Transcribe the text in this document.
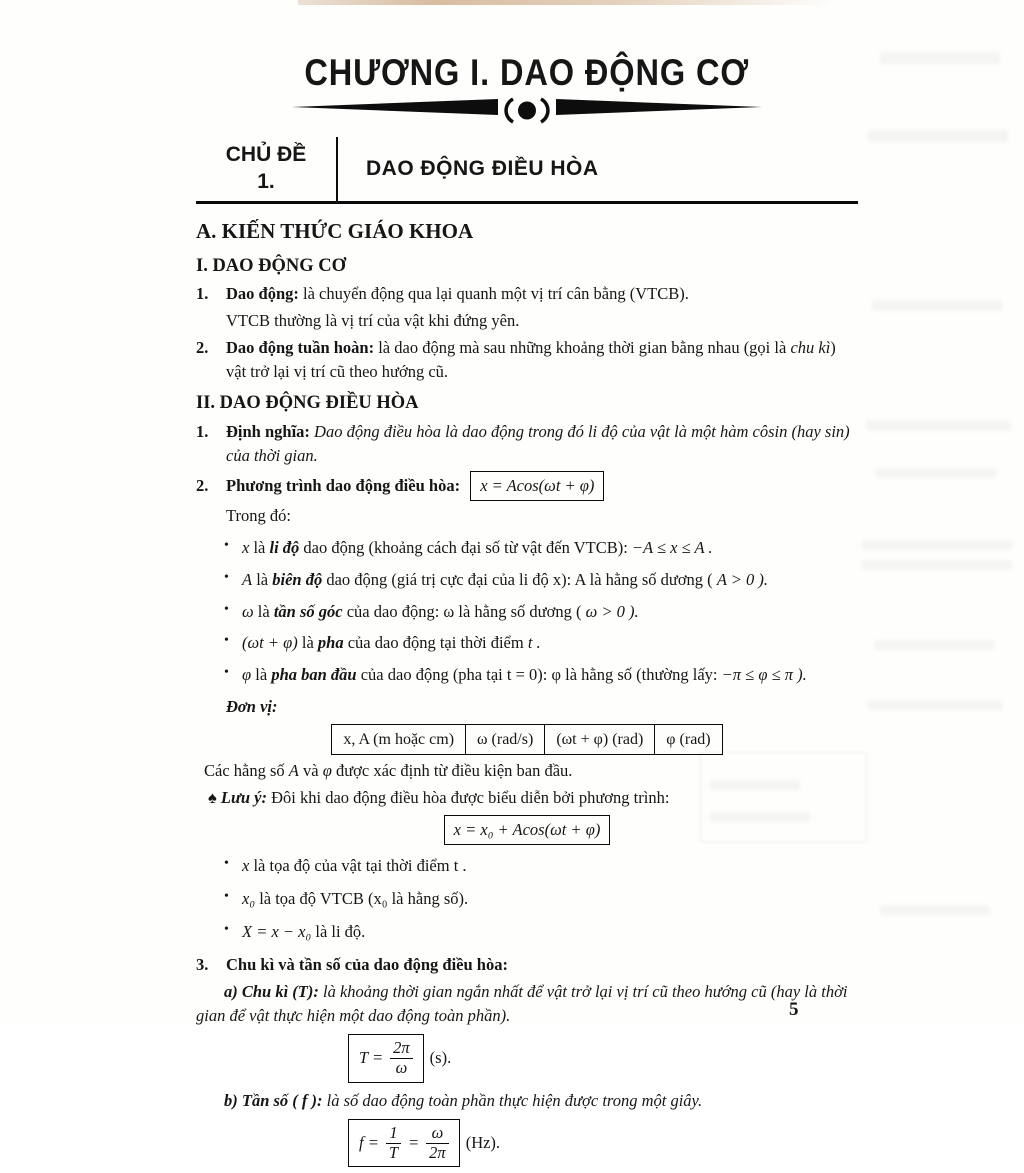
CHƯƠNG I. DAO ĐỘNG CƠ
CHỦ ĐỀ
1.
DAO ĐỘNG ĐIỀU HÒA
A. KIẾN THỨC GIÁO KHOA
I. DAO ĐỘNG CƠ

1. Dao động: là chuyển động qua lại quanh một vị trí cân bằng (VTCB).

VTCB thường là vị trí của vật khi đứng yên.

2. Dao động tuần hoàn: là dao động mà sau những khoảng thời gian bằng nhau (gọi là chu kì) vật trở lại vị trí cũ theo hướng cũ.

II. DAO ĐỘNG ĐIỀU HÒA

1. Định nghĩa: Dao động điều hòa là dao động trong đó li độ của vật là một hàm côsin (hay sin) của thời gian.

2. Phương trình dao động điều hòa: x = Acos(ωt + φ)

Trong đó:

• x là li độ dao động (khoảng cách đại số từ vật đến VTCB): −A ≤ x ≤ A .
• A là biên độ dao động (giá trị cực đại của li độ x): A là hằng số dương ( A > 0 ).
• ω là tần số góc của dao động: ω là hằng số dương ( ω > 0 ).
• (ωt + φ) là pha của dao động tại thời điểm t .
• φ là pha ban đầu của dao động (pha tại t = 0): φ là hằng số (thường lấy: −π ≤ φ ≤ π ).

Đơn vị:

x, A (m hoặc cm)	ω (rad/s)	(ωt + φ) (rad)	φ (rad)

Các hằng số A và φ được xác định từ điều kiện ban đầu.

♠ Lưu ý: Đôi khi dao động điều hòa được biểu diễn bởi phương trình:

x = x₀ + Acos(ωt + φ)
• x là tọa độ của vật tại thời điểm t .
• x₀ là tọa độ VTCB (x₀ là hằng số).
• X = x − x₀ là li độ.

3. Chu kì và tần số của dao động điều hòa:

a) Chu kì (T): là khoảng thời gian ngắn nhất để vật trở lại vị trí cũ theo hướng cũ (hay là thời gian để vật thực hiện một dao động toàn phần).

$T = \frac{2\pi}{\omega} (s)$.

b) Tần số ( f ): là số dao động toàn phần thực hiện được trong một giây.

$f = \frac{1}{T} = \frac{\omega}{2\pi} (Hz)$.
5
